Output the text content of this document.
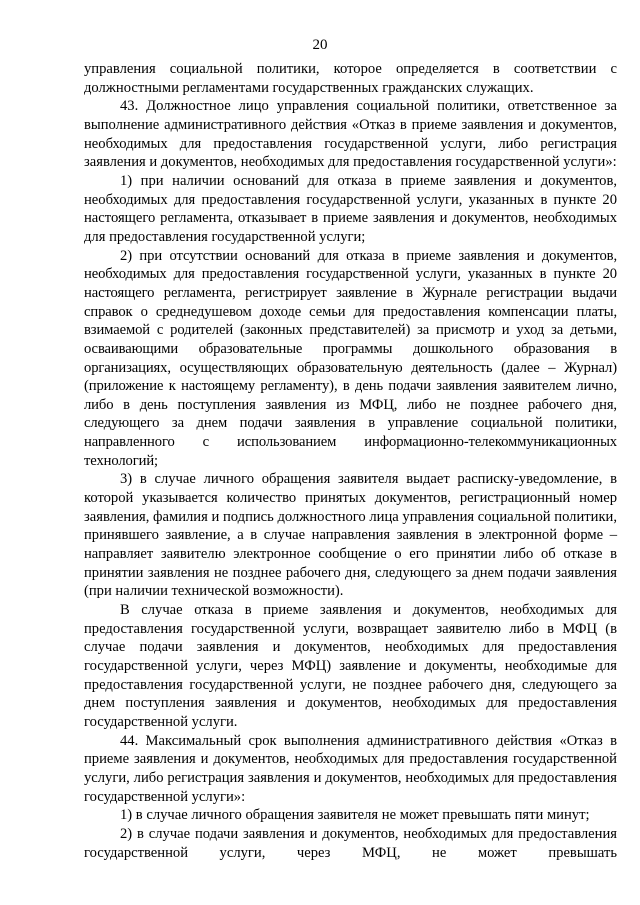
20

управления социальной политики, которое определяется в соответствии с должностными регламентами государственных гражданских служащих.

43. Должностное лицо управления социальной политики, ответственное за выполнение административного действия «Отказ в приеме заявления и документов, необходимых для предоставления государственной услуги, либо регистрация заявления и документов, необходимых для предоставления государственной услуги»:

1) при наличии оснований для отказа в приеме заявления и документов, необходимых для предоставления государственной услуги, указанных в пункте 20 настоящего регламента, отказывает в приеме заявления и документов, необходимых для предоставления государственной услуги;

2) при отсутствии оснований для отказа в приеме заявления и документов, необходимых для предоставления государственной услуги, указанных в пункте 20 настоящего регламента, регистрирует заявление в Журнале регистрации выдачи справок о среднедушевом доходе семьи для предоставления компенсации платы, взимаемой с родителей (законных представителей) за присмотр и уход за детьми, осваивающими образовательные программы дошкольного образования в организациях, осуществляющих образовательную деятельность (далее – Журнал) (приложение к настоящему регламенту), в день подачи заявления заявителем лично, либо в день поступления заявления из МФЦ, либо не позднее рабочего дня, следующего за днем подачи заявления в управление социальной политики, направленного с использованием информационно-телекоммуникационных технологий;

3) в случае личного обращения заявителя выдает расписку-уведомление, в которой указывается количество принятых документов, регистрационный номер заявления, фамилия и подпись должностного лица управления социальной политики, принявшего заявление, а в случае направления заявления в электронной форме – направляет заявителю электронное сообщение о его принятии либо об отказе в принятии заявления не позднее рабочего дня, следующего за днем подачи заявления (при наличии технической возможности).

В случае отказа в приеме заявления и документов, необходимых для предоставления государственной услуги, возвращает заявителю либо в МФЦ (в случае подачи заявления и документов, необходимых для предоставления государственной услуги, через МФЦ) заявление и документы, необходимые для предоставления государственной услуги, не позднее рабочего дня, следующего за днем поступления заявления и документов, необходимых для предоставления государственной услуги.

44. Максимальный срок выполнения административного действия «Отказ в приеме заявления и документов, необходимых для предоставления государственной услуги, либо регистрация заявления и документов, необходимых для предоставления государственной услуги»:

1) в случае личного обращения заявителя не может превышать пяти минут;

2) в случае подачи заявления и документов, необходимых для предоставления государственной услуги, через МФЦ, не может превышать
